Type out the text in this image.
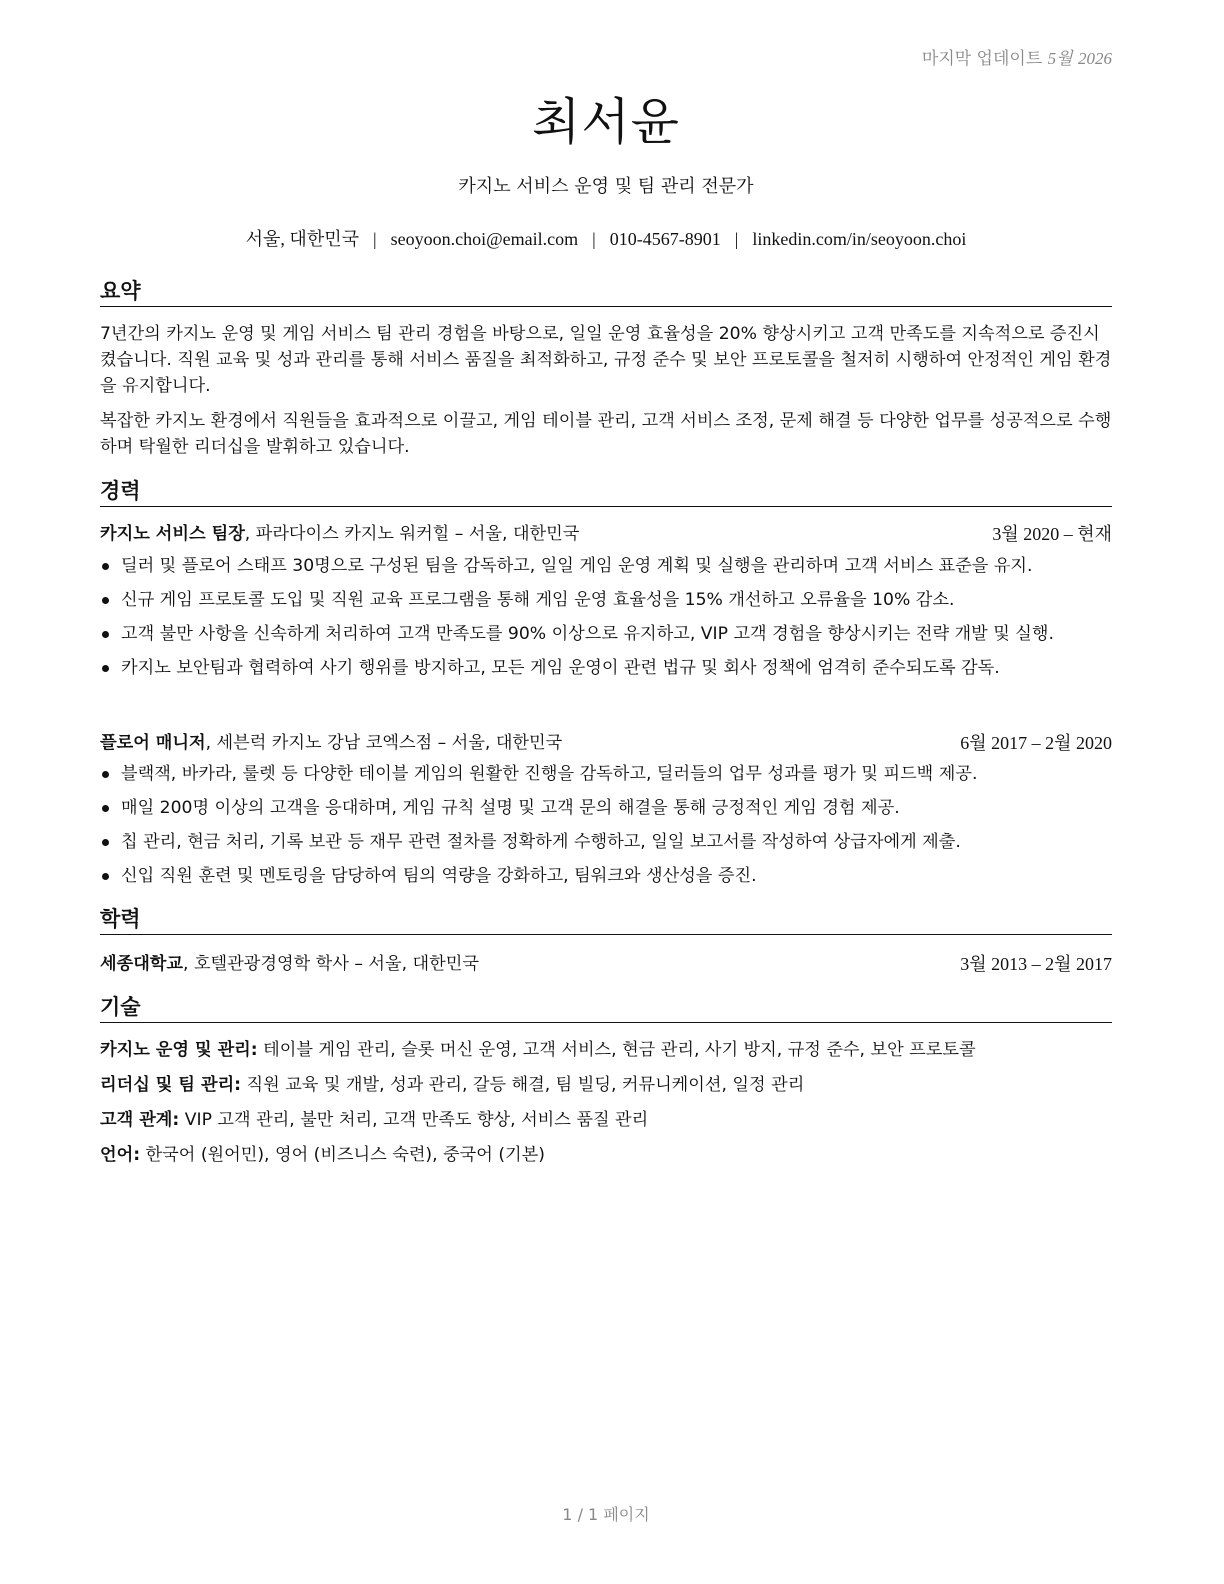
마지막 업데이트 5월 2026
최서윤
카지노 서비스 운영 및 팀 관리 전문가
서울, 대한민국 | seoyoon.choi@email.com | 010-4567-8901 | linkedin.com/in/seoyoon.choi
요약

7년간의 카지노 운영 및 게임 서비스 팀 관리 경험을 바탕으로, 일일 운영 효율성을 20% 향상시키고 고객 만족도를 지속적으로 증진시켰습니다. 직원 교육 및 성과 관리를 통해 서비스 품질을 최적화하고, 규정 준수 및 보안 프로토콜을 철저히 시행하여 안정적인 게임 환경을 유지합니다.

복잡한 카지노 환경에서 직원들을 효과적으로 이끌고, 게임 테이블 관리, 고객 서비스 조정, 문제 해결 등 다양한 업무를 성공적으로 수행하며 탁월한 리더십을 발휘하고 있습니다.

경력
카지노 서비스 팀장, 파라다이스 카지노 워커힐 – 서울, 대한민국	3월 2020 – 현재
딜러 및 플로어 스태프 30명으로 구성된 팀을 감독하고, 일일 게임 운영 계획 및 실행을 관리하며 고객 서비스 표준을 유지.
신규 게임 프로토콜 도입 및 직원 교육 프로그램을 통해 게임 운영 효율성을 15% 개선하고 오류율을 10% 감소.
고객 불만 사항을 신속하게 처리하여 고객 만족도를 90% 이상으로 유지하고, VIP 고객 경험을 향상시키는 전략 개발 및 실행.
카지노 보안팀과 협력하여 사기 행위를 방지하고, 모든 게임 운영이 관련 법규 및 회사 정책에 엄격히 준수되도록 감독.
플로어 매니저, 세븐럭 카지노 강남 코엑스점 – 서울, 대한민국	6월 2017 – 2월 2020
블랙잭, 바카라, 룰렛 등 다양한 테이블 게임의 원활한 진행을 감독하고, 딜러들의 업무 성과를 평가 및 피드백 제공.
매일 200명 이상의 고객을 응대하며, 게임 규칙 설명 및 고객 문의 해결을 통해 긍정적인 게임 경험 제공.
칩 관리, 현금 처리, 기록 보관 등 재무 관련 절차를 정확하게 수행하고, 일일 보고서를 작성하여 상급자에게 제출.
신입 직원 훈련 및 멘토링을 담당하여 팀의 역량을 강화하고, 팀워크와 생산성을 증진.
학력
세종대학교, 호텔관광경영학 학사 – 서울, 대한민국	3월 2013 – 2월 2017
기술
카지노 운영 및 관리: 테이블 게임 관리, 슬롯 머신 운영, 고객 서비스, 현금 관리, 사기 방지, 규정 준수, 보안 프로토콜
리더십 및 팀 관리: 직원 교육 및 개발, 성과 관리, 갈등 해결, 팀 빌딩, 커뮤니케이션, 일정 관리
고객 관계: VIP 고객 관리, 불만 처리, 고객 만족도 향상, 서비스 품질 관리
언어: 한국어 (원어민), 영어 (비즈니스 숙련), 중국어 (기본)
1 / 1 페이지
